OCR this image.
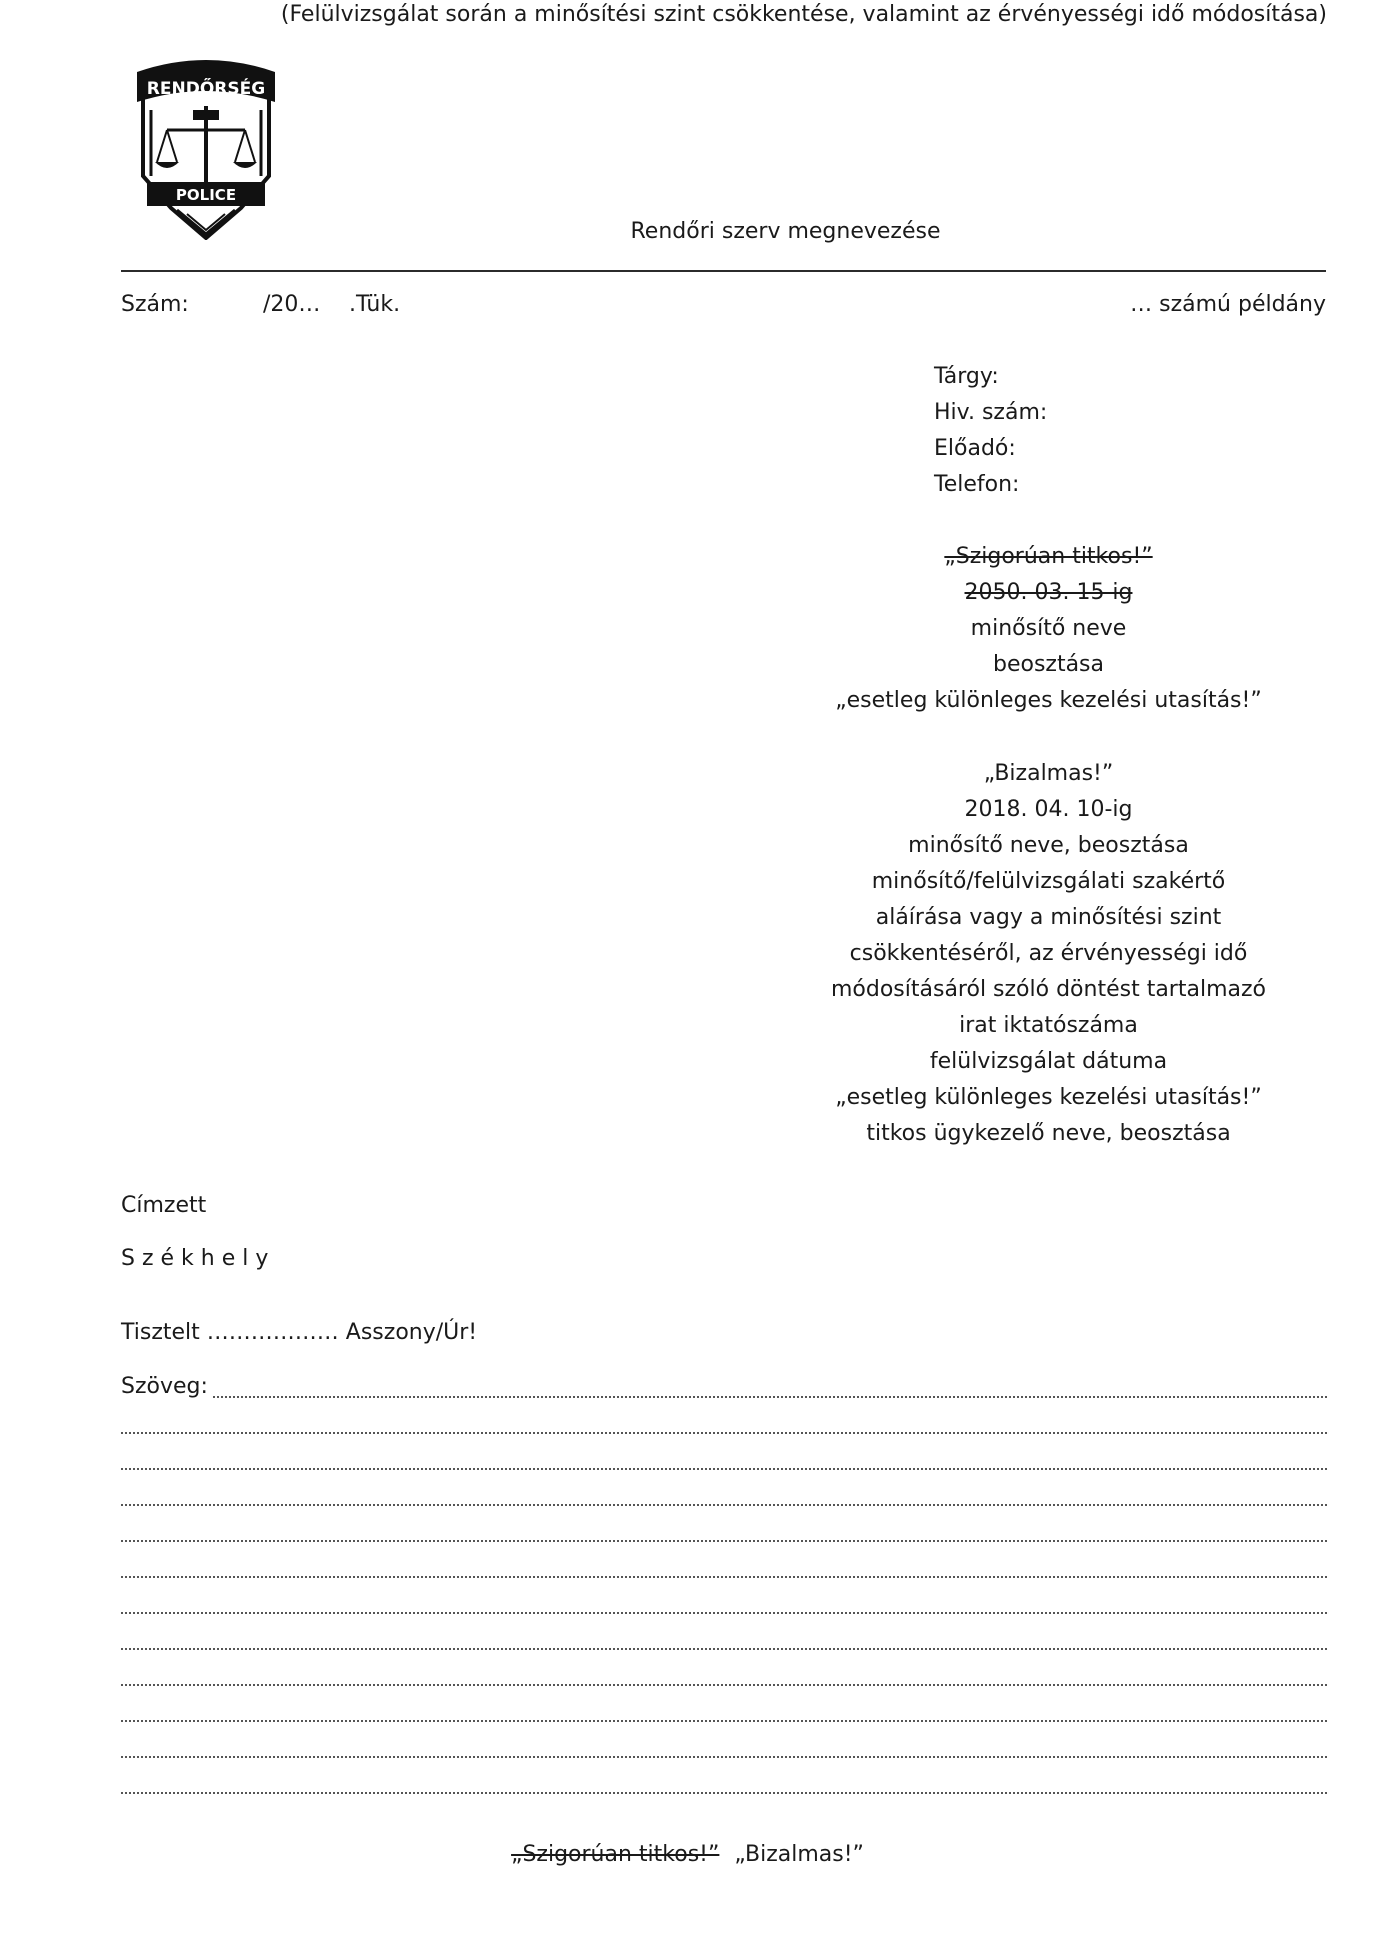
(Felülvizsgálat során a minősítési szint csökkentése, valamint az érvényességi idő módosítása)
RENDŐRSÉG
POLICE
Rendőri szerv megnevezése
Szám:	/20… .Tük.	… számú példány
Tárgy:
Hiv. szám:
Előadó:
Telefon:
„Szigorúan titkos!”
2050. 03. 15-ig
minősítő neve
beosztása
„esetleg különleges kezelési utasítás!”
„Bizalmas!”
2018. 04. 10-ig
minősítő neve, beosztása
minősítő/felülvizsgálati szakértő
aláírása vagy a minősítési szint
csökkentéséről, az érvényességi idő
módosításáról szóló döntést tartalmazó
irat iktatószáma
felülvizsgálat dátuma
„esetleg különleges kezelési utasítás!”
titkos ügykezelő neve, beosztása
Címzett
Székhely
Tisztelt ……………… Asszony/Úr!
Szöveg:
„Szigorúan titkos!” „Bizalmas!”
